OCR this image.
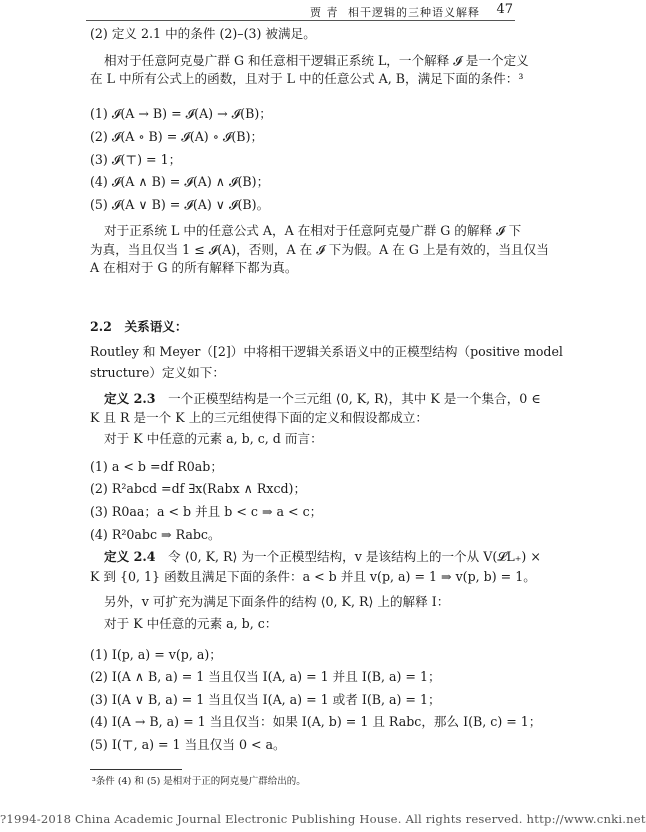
贾 青 相干逻辑的三种语义解释 47
(2) 定义 2.1 中的条件 (2)–(3) 被满足。
相对于任意阿克曼广群 G 和任意相干逻辑正系统 L，一个解释 𝓘 是一个定义
在 L 中所有公式上的函数，且对于 L 中的任意公式 A, B，满足下面的条件：³
(1) 𝓘(A → B) = 𝓘(A) → 𝓘(B)；
(2) 𝓘(A ∘ B) = 𝓘(A) ∘ 𝓘(B)；
(3) 𝓘(⊤) = 1；
(4) 𝓘(A ∧ B) = 𝓘(A) ∧ 𝓘(B)；
(5) 𝓘(A ∨ B) = 𝓘(A) ∨ 𝓘(B)。
对于正系统 L 中的任意公式 A，A 在相对于任意阿克曼广群 G 的解释 𝓘 下
为真，当且仅当 1 ≤ 𝓘(A)，否则，A 在 𝓘 下为假。A 在 G 上是有效的，当且仅当
A 在相对于 G 的所有解释下都为真。
2.2　关系语义：
Routley 和 Meyer（[2]）中将相干逻辑关系语义中的正模型结构（positive model
structure）定义如下：
定义 2.3　一个正模型结构是一个三元组 ⟨0, K, R⟩，其中 K 是一个集合，0 ∈
K 且 R 是一个 K 上的三元组使得下面的定义和假设都成立：
对于 K 中任意的元素 a, b, c, d 而言：
(1) a < b =df R0ab；
(2) R²abcd =df ∃x(Rabx ∧ Rxcd)；
(3) R0aa；a < b 并且 b < c ⇒ a < c；
(4) R²0abc ⇒ Rabc。
定义 2.4　令 ⟨0, K, R⟩ 为一个正模型结构，v 是该结构上的一个从 V(𝓛L₊) ×
K 到 {0, 1} 函数且满足下面的条件：a < b 并且 v(p, a) = 1 ⇒ v(p, b) = 1。
另外，v 可扩充为满足下面条件的结构 ⟨0, K, R⟩ 上的解释 I：
对于 K 中任意的元素 a, b, c：
(1) I(p, a) = v(p, a)；
(2) I(A ∧ B, a) = 1 当且仅当 I(A, a) = 1 并且 I(B, a) = 1；
(3) I(A ∨ B, a) = 1 当且仅当 I(A, a) = 1 或者 I(B, a) = 1；
(4) I(A → B, a) = 1 当且仅当：如果 I(A, b) = 1 且 Rabc，那么 I(B, c) = 1；
(5) I(⊤, a) = 1 当且仅当 0 < a。
³条件 (4) 和 (5) 是相对于正的阿克曼广群给出的。
?1994-2018 China Academic Journal Electronic Publishing House. All rights reserved. http://www.cnki.net
